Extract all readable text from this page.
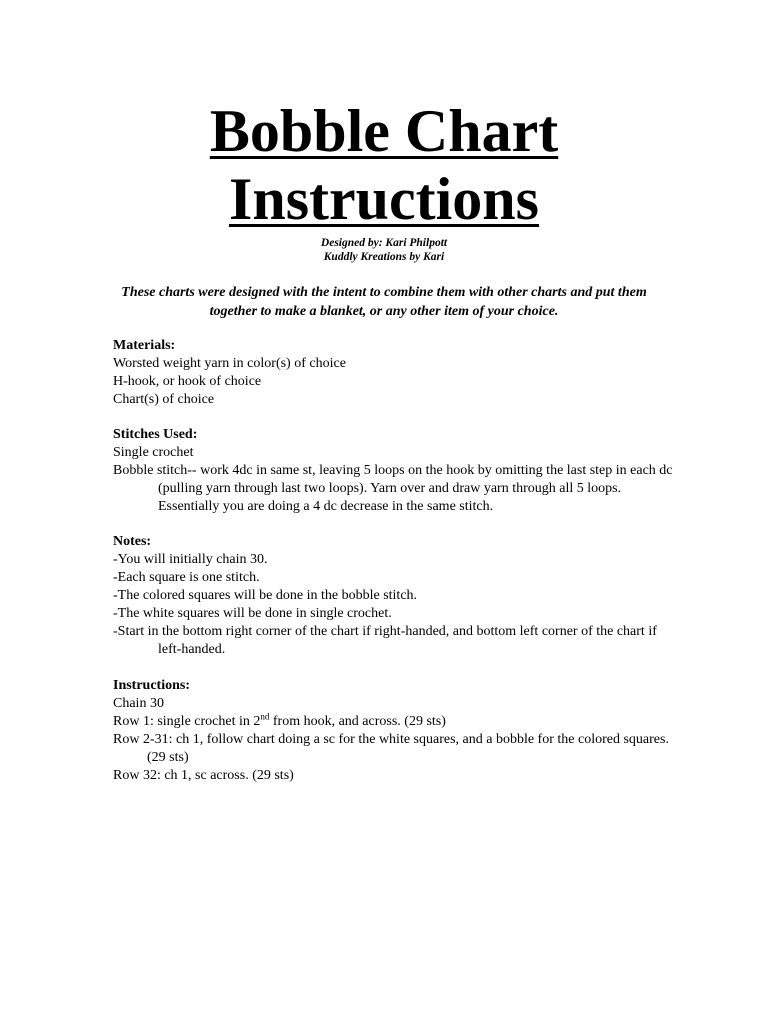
Bobble Chart
Instructions
Designed by: Kari Philpott
Kuddly Kreations by Kari
These charts were designed with the intent to combine them with other charts and put them together to make a blanket, or any other item of your choice.
Materials:
Worsted weight yarn in color(s) of choice
H-hook, or hook of choice
Chart(s) of choice
Stitches Used:
Single crochet
Bobble stitch-- work 4dc in same st, leaving 5 loops on the hook by omitting the last step in each dc (pulling yarn through last two loops). Yarn over and draw yarn through all 5 loops. Essentially you are doing a 4 dc decrease in the same stitch.
Notes:
-You will initially chain 30.
-Each square is one stitch.
-The colored squares will be done in the bobble stitch.
-The white squares will be done in single crochet.
-Start in the bottom right corner of the chart if right-handed, and bottom left corner of the chart if left-handed.
Instructions:
Chain 30
Row 1: single crochet in 2nd from hook, and across. (29 sts)
Row 2-31: ch 1, follow chart doing a sc for the white squares, and a bobble for the colored squares. (29 sts)
Row 32: ch 1, sc across. (29 sts)
